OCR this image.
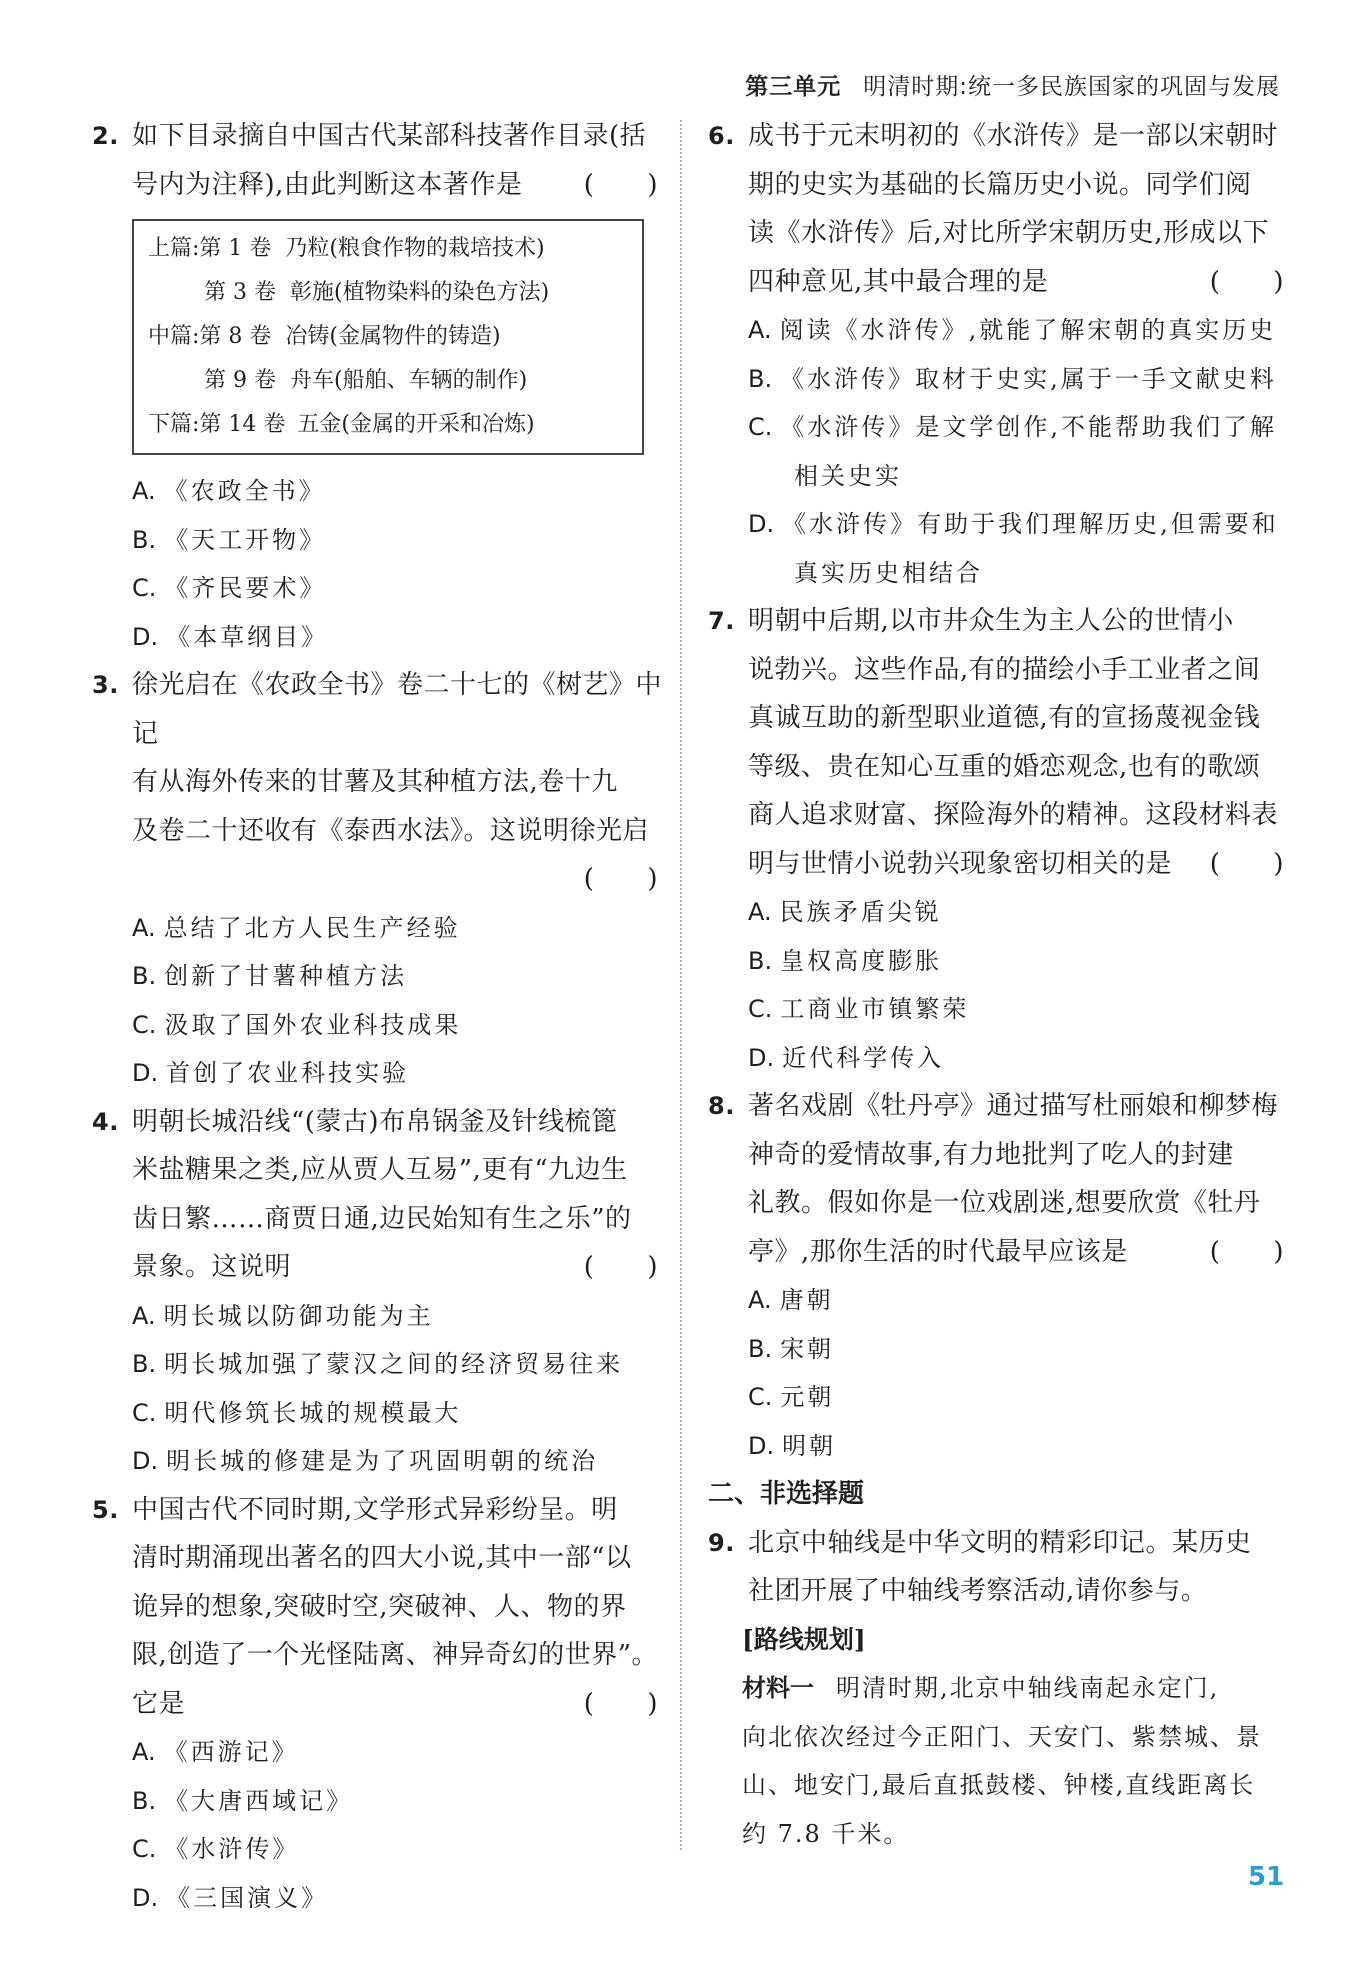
第三单元 明清时期:统一多民族国家的巩固与发展
2. 如下目录摘自中国古代某部科技著作目录(括
号内为注释),由此判断这本著作是 (　　)
上篇:第 1 卷 乃粒(粮食作物的栽培技术)
第 3 卷 彰施(植物染料的染色方法)
中篇:第 8 卷 冶铸(金属物件的铸造)
第 9 卷 舟车(船舶、车辆的制作)
下篇:第 14 卷 五金(金属的开采和冶炼)
A. 《农政全书》
B. 《天工开物》
C. 《齐民要术》
D. 《本草纲目》
3. 徐光启在《农政全书》卷二十七的《树艺》中记
有从海外传来的甘薯及其种植方法,卷十九
及卷二十还收有《泰西水法》。这说明徐光启
(　　)
A. 总结了北方人民生产经验
B. 创新了甘薯种植方法
C. 汲取了国外农业科技成果
D. 首创了农业科技实验
4. 明朝长城沿线“(蒙古)布帛锅釜及针线梳篦
米盐糖果之类,应从贾人互易”,更有“九边生
齿日繁……商贾日通,边民始知有生之乐”的
景象。这说明	(　　)
A. 明长城以防御功能为主
B. 明长城加强了蒙汉之间的经济贸易往来
C. 明代修筑长城的规模最大
D. 明长城的修建是为了巩固明朝的统治
5. 中国古代不同时期,文学形式异彩纷呈。明
清时期涌现出著名的四大小说,其中一部“以
诡异的想象,突破时空,突破神、人、物的界
限,创造了一个光怪陆离、神异奇幻的世界”。
它是	(　　)
A. 《西游记》
B. 《大唐西域记》
C. 《水浒传》
D. 《三国演义》
6. 成书于元末明初的《水浒传》是一部以宋朝时
期的史实为基础的长篇历史小说。同学们阅
读《水浒传》后,对比所学宋朝历史,形成以下
四种意见,其中最合理的是	(　　)
A. 阅读《水浒传》,就能了解宋朝的真实历史
B. 《水浒传》取材于史实,属于一手文献史料
C. 《水浒传》是文学创作,不能帮助我们了解相关史实
D. 《水浒传》有助于我们理解历史,但需要和真实历史相结合
7. 明朝中后期,以市井众生为主人公的世情小
说勃兴。这些作品,有的描绘小手工业者之间
真诚互助的新型职业道德,有的宣扬蔑视金钱
等级、贵在知心互重的婚恋观念,也有的歌颂
商人追求财富、探险海外的精神。这段材料表
明与世情小说勃兴现象密切相关的是 (　　)
A. 民族矛盾尖锐
B. 皇权高度膨胀
C. 工商业市镇繁荣
D. 近代科学传入
8. 著名戏剧《牡丹亭》通过描写杜丽娘和柳梦梅
神奇的爱情故事,有力地批判了吃人的封建
礼教。假如你是一位戏剧迷,想要欣赏《牡丹
亭》,那你生活的时代最早应该是	(　　)
A. 唐朝
B. 宋朝
C. 元朝
D. 明朝
二、非选择题
9. 北京中轴线是中华文明的精彩印记。某历史
社团开展了中轴线考察活动,请你参与。
[路线规划]
材料一 明清时期,北京中轴线南起永定门,
向北依次经过今正阳门、天安门、紫禁城、景
山、地安门,最后直抵鼓楼、钟楼,直线距离长
约 7.8 千米。
51
